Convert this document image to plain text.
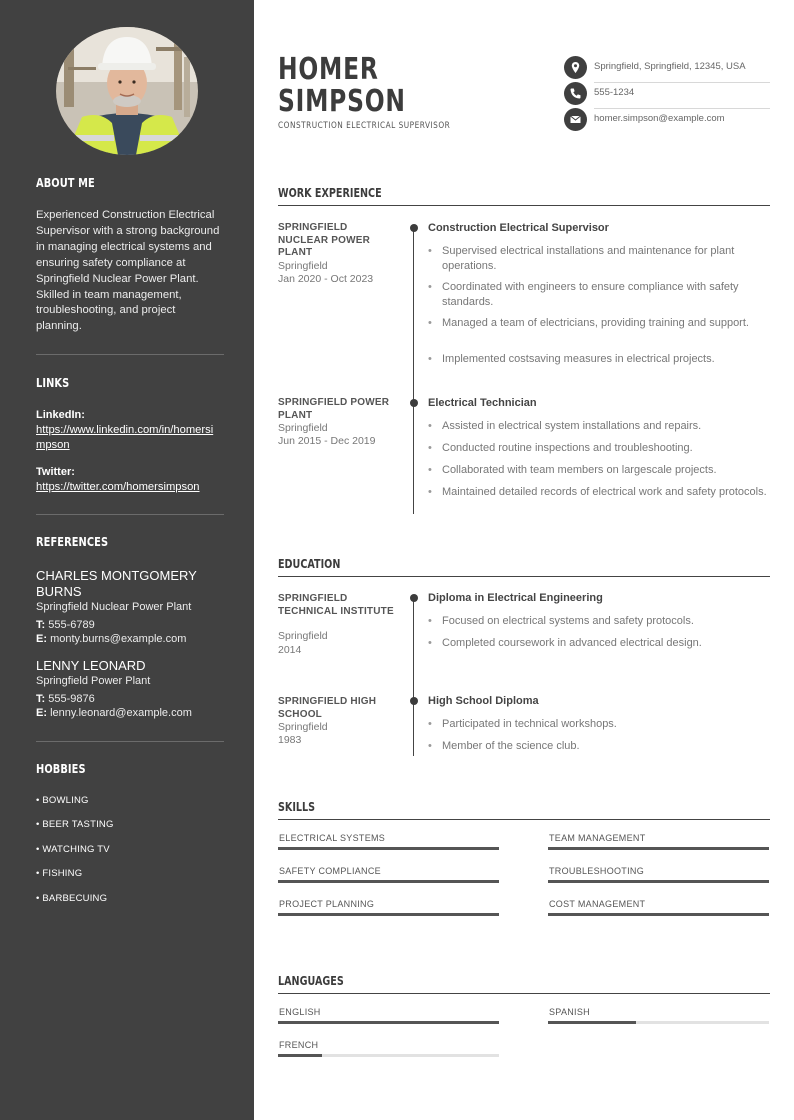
ABOUT ME
Experienced Construction Electrical Supervisor with a strong background in managing electrical systems and ensuring safety compliance at Springfield Nuclear Power Plant. Skilled in team management, troubleshooting, and project planning.
LINKS
LinkedIn:
https://www.linkedin.com/in/homersimpson
Twitter:
https://twitter.com/homersimpson
REFERENCES
CHARLES MONTGOMERY BURNS
Springfield Nuclear Power Plant
T: 555-6789
E: monty.burns@example.com
LENNY LEONARD
Springfield Power Plant
T: 555-9876
E: lenny.leonard@example.com
HOBBIES
• BOWLING
• BEER TASTING
• WATCHING TV
• FISHING
• BARBECUING
HOMER
SIMPSON
CONSTRUCTION ELECTRICAL SUPERVISOR
Springfield, Springfield, 12345, USA
555-1234
homer.simpson@example.com
WORK EXPERIENCE
SPRINGFIELD NUCLEAR POWER PLANT
Springfield
Jan 2020 - Oct 2023
Construction Electrical Supervisor
• Supervised electrical installations and maintenance for plant operations.
• Coordinated with engineers to ensure compliance with safety standards.
• Managed a team of electricians, providing training and support.
• Implemented costsaving measures in electrical projects.
SPRINGFIELD POWER PLANT
Springfield
Jun 2015 - Dec 2019
Electrical Technician
• Assisted in electrical system installations and repairs.
• Conducted routine inspections and troubleshooting.
• Collaborated with team members on largescale projects.
• Maintained detailed records of electrical work and safety protocols.
EDUCATION
SPRINGFIELD TECHNICAL INSTITUTE
Springfield
2014
Diploma in Electrical Engineering
• Focused on electrical systems and safety protocols.
• Completed coursework in advanced electrical design.
SPRINGFIELD HIGH SCHOOL
Springfield
1983
High School Diploma
• Participated in technical workshops.
• Member of the science club.
SKILLS
ELECTRICAL SYSTEMS	TEAM MANAGEMENT
SAFETY COMPLIANCE	TROUBLESHOOTING
PROJECT PLANNING	COST MANAGEMENT
LANGUAGES
ENGLISH	SPANISH
FRENCH
